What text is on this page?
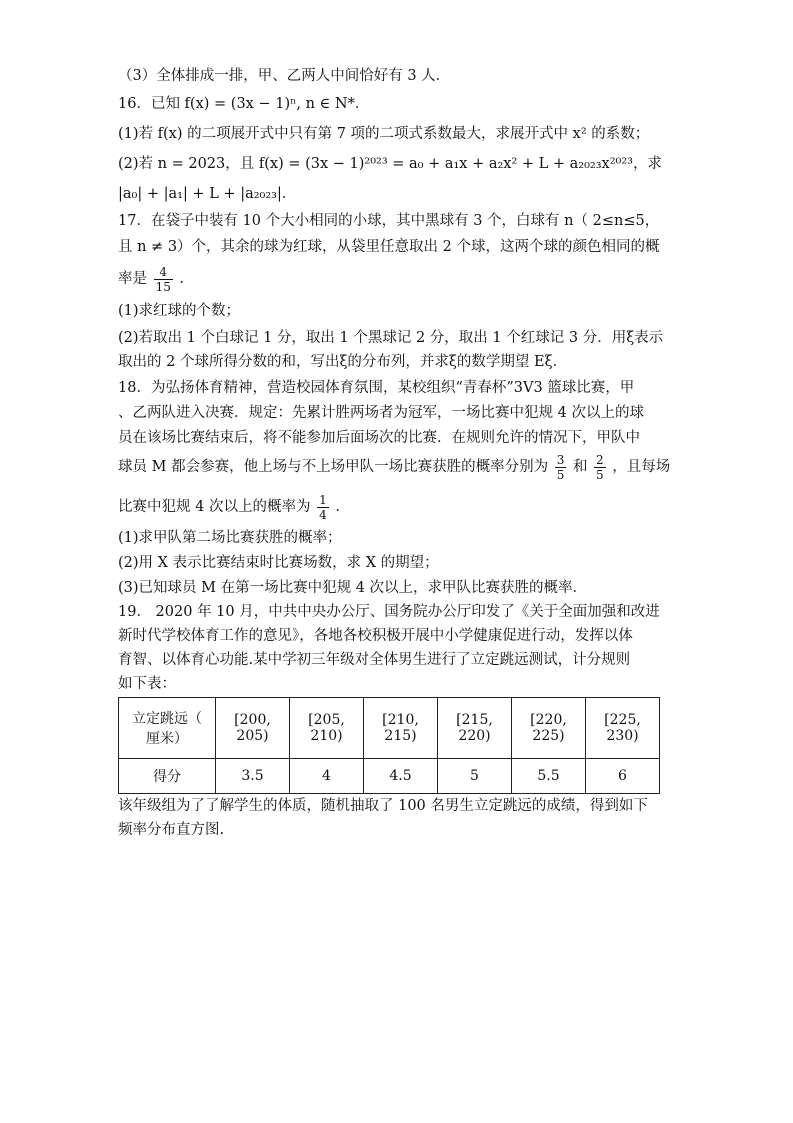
（3）全体排成一排，甲、乙两人中间恰好有 3 人．
16．已知 f(x) = (3x − 1)ⁿ, n ∈ N*．
(1)若 f(x) 的二项展开式中只有第 7 项的二项式系数最大，求展开式中 x² 的系数；
(2)若 n = 2023，且 f(x) = (3x − 1)²⁰²³ = a₀ + a₁x + a₂x² + L + a₂₀₂₃x²⁰²³，求
|a₀| + |a₁| + L + |a₂₀₂₃|．
17．在袋子中装有 10 个大小相同的小球，其中黑球有 3 个，白球有 n（ 2≤n≤5，
且 n ≠ 3）个，其余的球为红球，从袋里任意取出 2 个球，这两个球的颜色相同的概
率是 $\frac{4}{15}$ ．
(1)求红球的个数；
(2)若取出 1 个白球记 1 分，取出 1 个黑球记 2 分，取出 1 个红球记 3 分．用ξ表示
取出的 2 个球所得分数的和，写出ξ的分布列，并求ξ的数学期望 Eξ．
18．为弘扬体育精神，营造校园体育氛围，某校组织“青春杯”3V3 篮球比赛，甲
、乙两队进入决赛．规定：先累计胜两场者为冠军，一场比赛中犯规 4 次以上的球
员在该场比赛结束后，将不能参加后面场次的比赛．在规则允许的情况下，甲队中
球员 M 都会参赛，他上场与不上场甲队一场比赛获胜的概率分别为 $\frac{3}{5}$ 和 $\frac{2}{5}$ ，且每场
比赛中犯规 4 次以上的概率为 $\frac{1}{4}$ ．
(1)求甲队第二场比赛获胜的概率；
(2)用 X 表示比赛结束时比赛场数，求 X 的期望；
(3)已知球员 M 在第一场比赛中犯规 4 次以上，求甲队比赛获胜的概率．
19． 2020 年 10 月，中共中央办公厅、国务院办公厅印发了《关于全面加强和改进
新时代学校体育工作的意见》，各地各校积极开展中小学健康促进行动，发挥以体
育智、以体育心功能.某中学初三年级对全体男生进行了立定跳远测试，计分规则
如下表：
立定跳远（
厘米）	[200, 205)	[205, 210)	[210, 215)	[215, 220)	[220, 225)	[225, 230)
得分	3.5	4	4.5	5	5.5	6
该年级组为了了解学生的体质，随机抽取了 100 名男生立定跳远的成绩，得到如下
频率分布直方图.
